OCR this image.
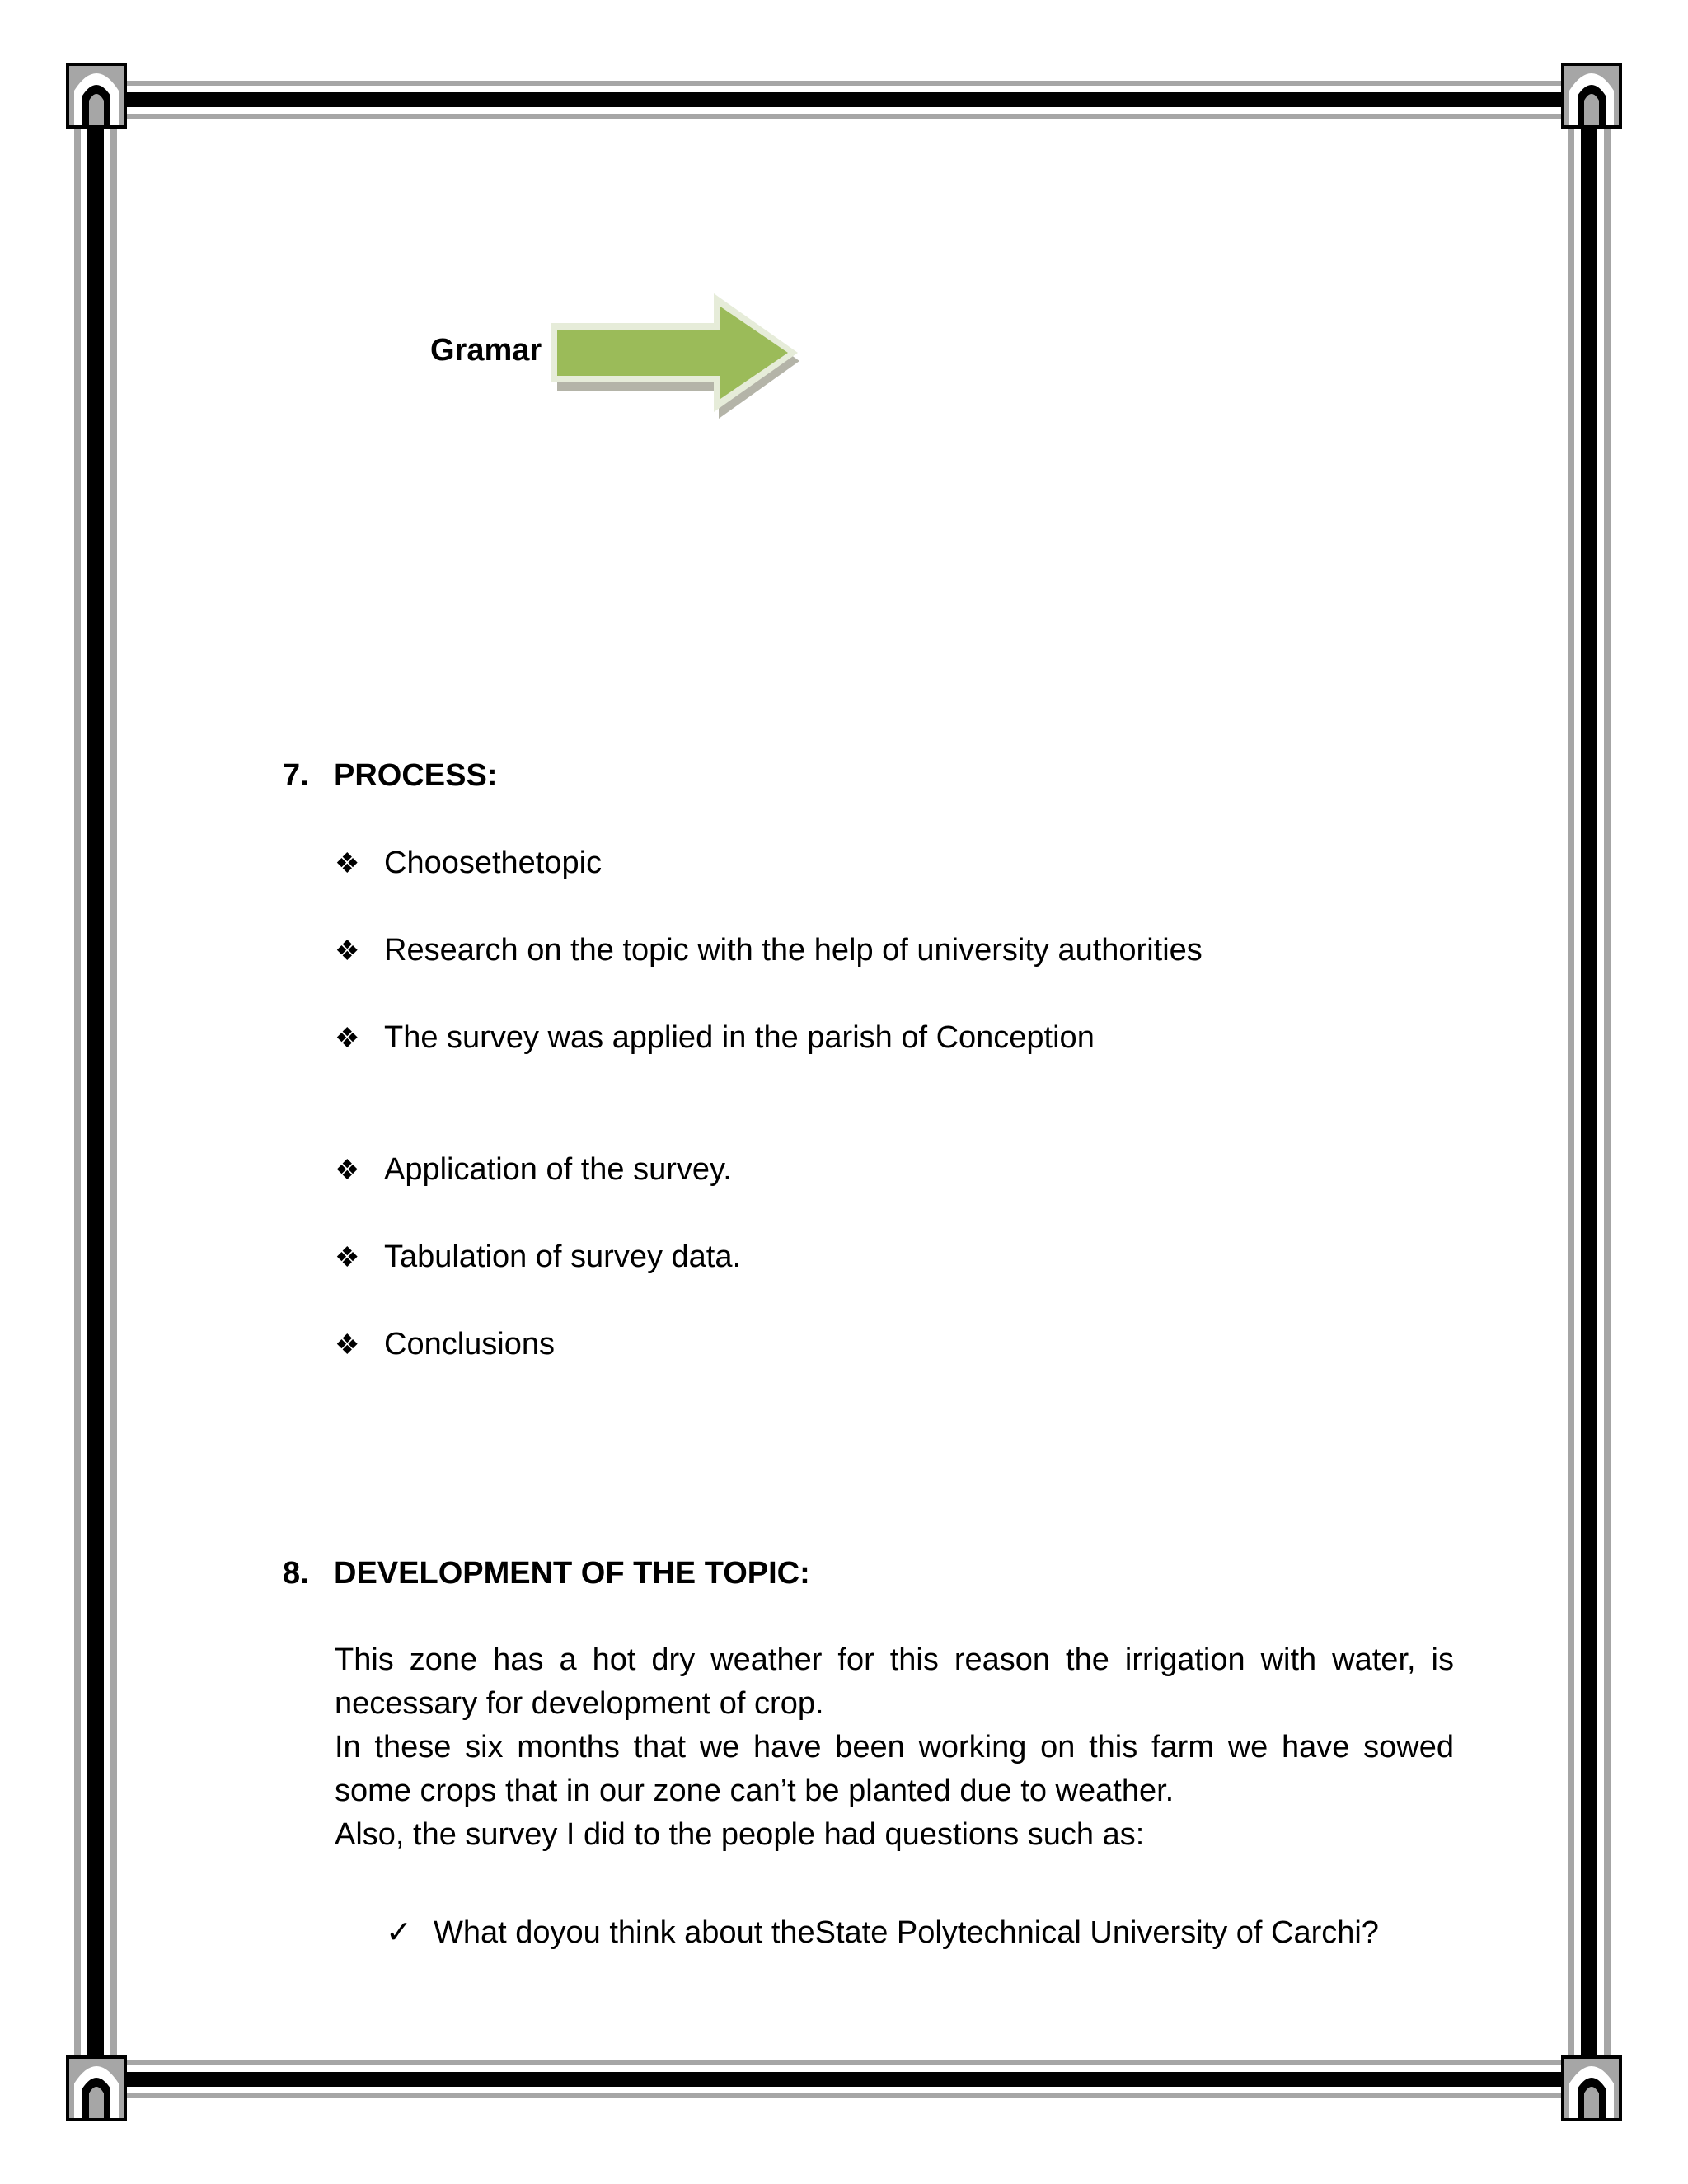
Gramar
7. PROCESS:
❖ Choosethetopic
❖ Research on the topic with the help of university authorities
❖ The survey was applied in the parish of Conception
❖ Application of the survey.
❖ Tabulation of survey data.
❖ Conclusions
8. DEVELOPMENT OF THE TOPIC:
This zone has a hot dry weather for this reason the irrigation with water, is
necessary for development of crop.
In these six months that we have been working on this farm we have sowed
some crops that in our zone can’t be planted due to weather.
Also, the survey I did to the people had questions such as:
✓ What doyou think about theState Polytechnical University of Carchi?
